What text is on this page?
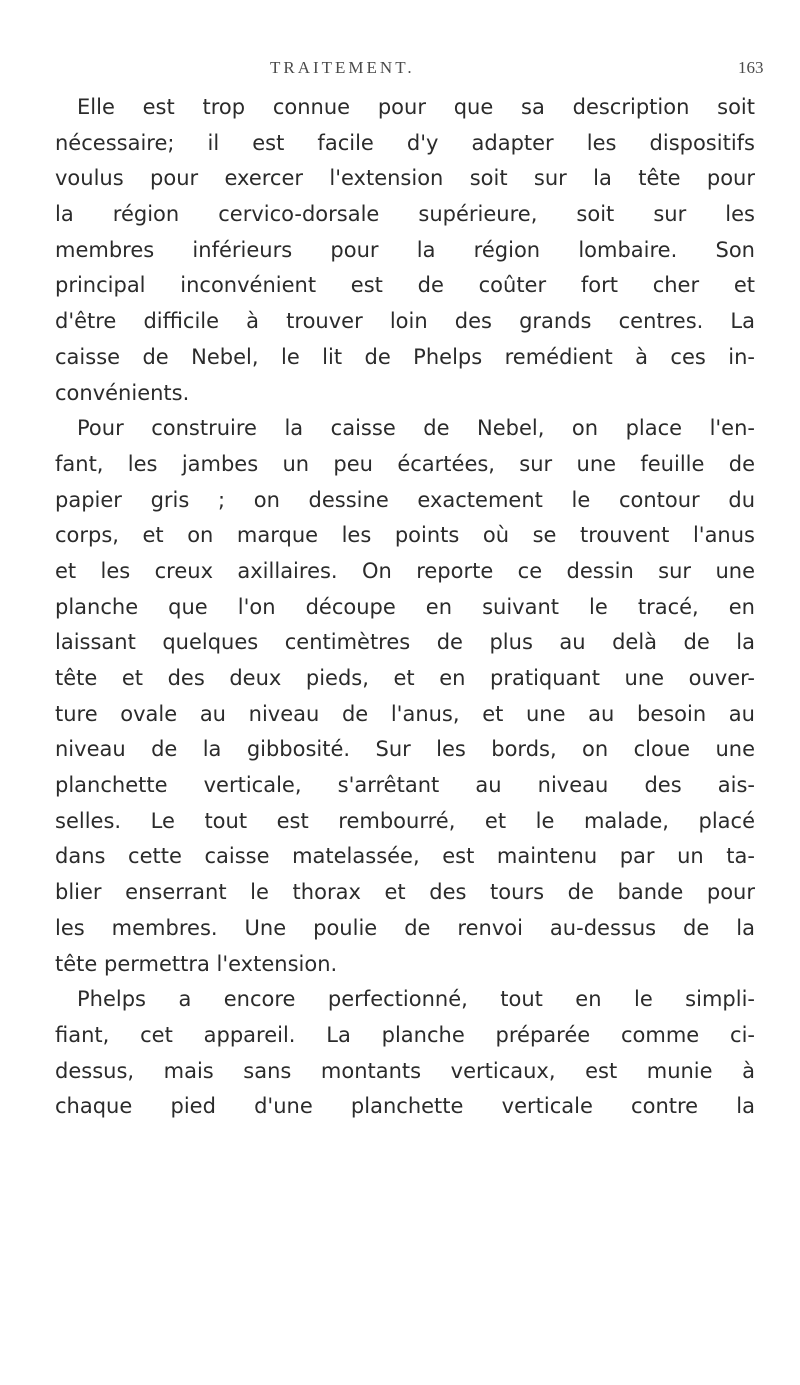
TRAITEMENT.	163
Elle est trop connue pour que sa description soit
nécessaire; il est facile d'y adapter les dispositifs
voulus pour exercer l'extension soit sur la tête pour
la région cervico-dorsale supérieure, soit sur les
membres inférieurs pour la région lombaire. Son
principal inconvénient est de coûter fort cher et
d'être difficile à trouver loin des grands centres. La
caisse de Nebel, le lit de Phelps remédient à ces in-
convénients.
Pour construire la caisse de Nebel, on place l'en-
fant, les jambes un peu écartées, sur une feuille de
papier gris ; on dessine exactement le contour du
corps, et on marque les points où se trouvent l'anus
et les creux axillaires. On reporte ce dessin sur une
planche que l'on découpe en suivant le tracé, en
laissant quelques centimètres de plus au delà de la
tête et des deux pieds, et en pratiquant une ouver-
ture ovale au niveau de l'anus, et une au besoin au
niveau de la gibbosité. Sur les bords, on cloue une
planchette verticale, s'arrêtant au niveau des ais-
selles. Le tout est rembourré, et le malade, placé
dans cette caisse matelassée, est maintenu par un ta-
blier enserrant le thorax et des tours de bande pour
les membres. Une poulie de renvoi au-dessus de la
tête permettra l'extension.
Phelps a encore perfectionné, tout en le simpli-
fiant, cet appareil. La planche préparée comme ci-
dessus, mais sans montants verticaux, est munie à
chaque pied d'une planchette verticale contre la
